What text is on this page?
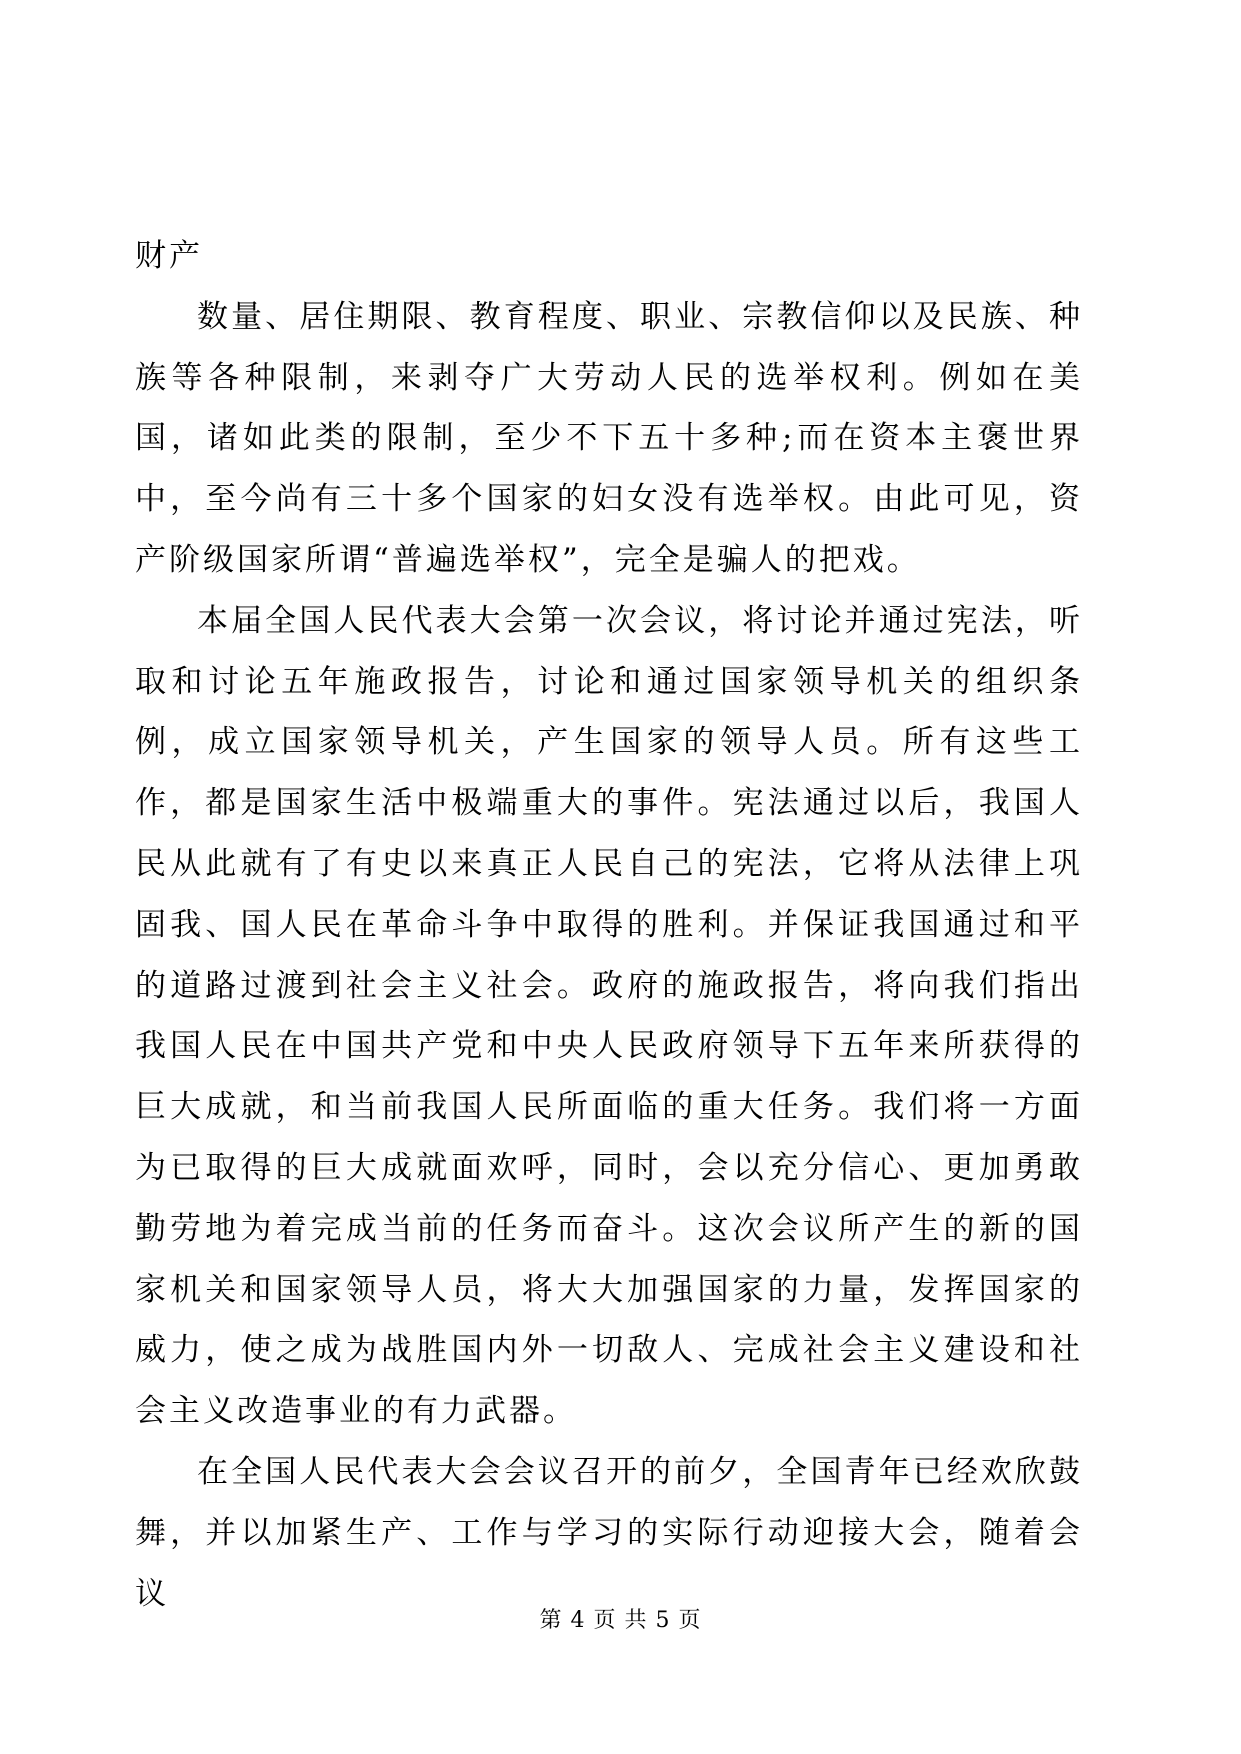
财产

数量、居住期限、教育程度、职业、宗教信仰以及民族、种族等各种限制，来剥夺广大劳动人民的选举权利。例如在美国，诸如此类的限制，至少不下五十多种;而在资本主褒世界中，至今尚有三十多个国家的妇女没有选举权。由此可见，资产阶级国家所谓“普遍选举权”，完全是骗人的把戏。

本届全国人民代表大会第一次会议，将讨论并通过宪法，听取和讨论五年施政报告，讨论和通过国家领导机关的组织条例，成立国家领导机关，产生国家的领导人员。所有这些工作，都是国家生活中极端重大的事件。宪法通过以后，我国人民从此就有了有史以来真正人民自己的宪法，它将从法律上巩固我、国人民在革命斗争中取得的胜利。并保证我国通过和平的道路过渡到社会主义社会。政府的施政报告，将向我们指出我国人民在中国共产党和中央人民政府领导下五年来所获得的巨大成就，和当前我国人民所面临的重大任务。我们将一方面为已取得的巨大成就面欢呼，同时，会以充分信心、更加勇敢勤劳地为着完成当前的任务而奋斗。这次会议所产生的新的国家机关和国家领导人员，将大大加强国家的力量，发挥国家的威力，使之成为战胜国内外一切敌人、完成社会主义建设和社会主义改造事业的有力武器。

在全国人民代表大会会议召开的前夕，全国青年已经欢欣鼓舞，并以加紧生产、工作与学习的实际行动迎接大会，随着会议

第 4 页 共 5 页
